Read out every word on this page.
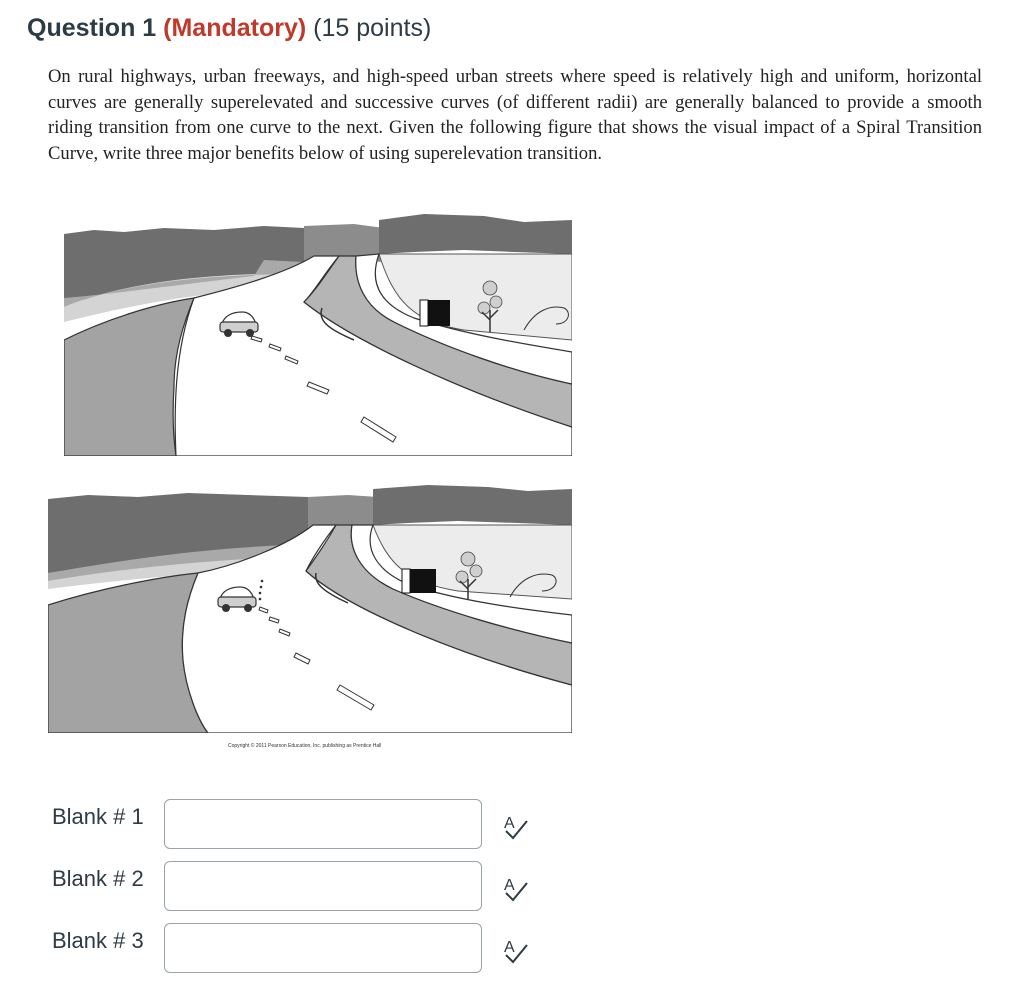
Question 1 (Mandatory) (15 points)

On rural highways, urban freeways, and high-speed urban streets where speed is relatively high and uniform, horizontal curves are generally superelevated and successive curves (of different radii) are generally balanced to provide a smooth riding transition from one curve to the next. Given the following figure that shows the visual impact of a Spiral Transition Curve, write three major benefits below of using superelevation transition.

Copyright © 2011 Pearson Education, Inc. publishing as Prentice Hall
Blank # 1	A
Blank # 2	A
Blank # 3	A
